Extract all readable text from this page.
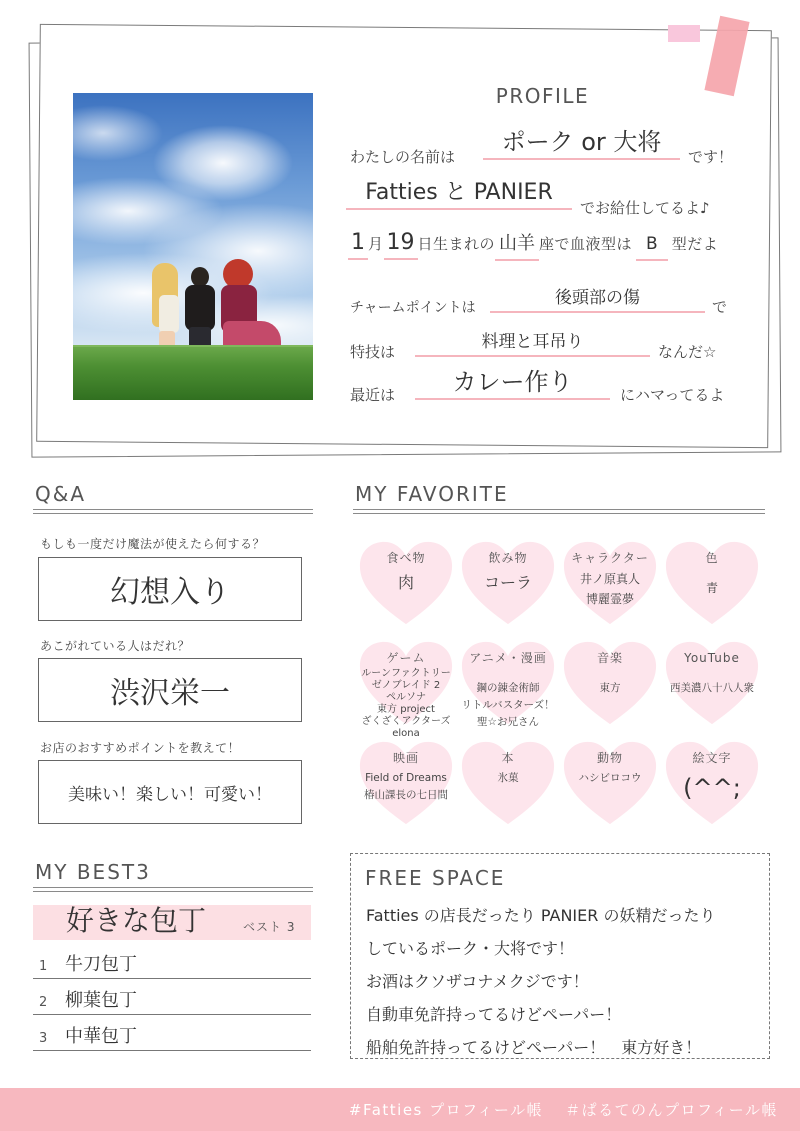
PROFILE
わたしの名前は
ポーク or 大将
です！
Fatties と PANIER
でお給仕してるよ♪
1 月 19 日生まれの 山羊 座で血液型は B 型だよ
チャームポイントは	後頭部の傷	で
特技は	料理と耳吊り	なんだ☆
最近は	カレー作り	にハマってるよ
Q&A
もしも一度だけ魔法が使えたら何する？
幻想入り
あこがれている人はだれ？
渋沢栄一
お店のおすすめポイントを教えて！
美味い！楽しい！可愛い！
MY FAVORITE
食べ物
肉
飲み物
コーラ
キャラクター
井ノ原真人
博麗霊夢
色
青
ゲーム
ルーンファクトリー
ゼノブレイド 2
ペルソナ
東方 project
ざくざくアクターズ
elona
アニメ・漫画
鋼の錬金術師
リトルバスターズ！
聖☆お兄さん
音楽
東方
YouTube
西美濃八十八人衆
映画
Field of Dreams
椿山課長の七日間
本
氷菓
動物
ハシビロコウ
絵文字
(^^;
MY BEST3
好きな包丁	ベスト 3
1 牛刀包丁
2 柳葉包丁
3 中華包丁
FREE SPACE
Fatties の店長だったり PANIER の妖精だったり
しているポーク・大将です！
お酒はクソザコナメクジです！
自動車免許持ってるけどペーパー！
船舶免許持ってるけどペーパー！　東方好き！
#Fatties プロフィール帳 ＃ぱるてのんプロフィール帳
